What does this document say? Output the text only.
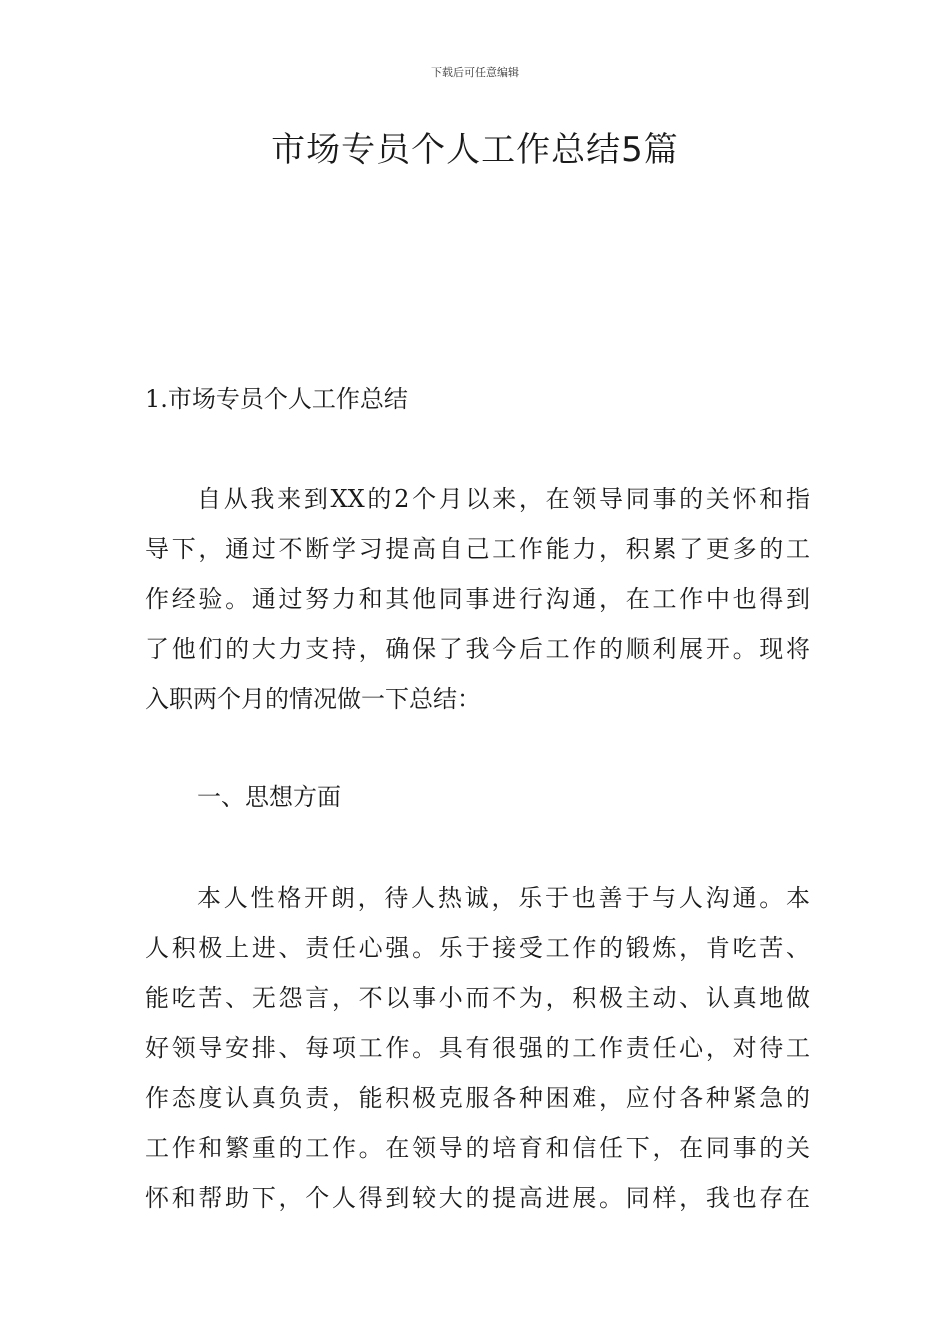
下载后可任意编辑
市场专员个人工作总结5篇
1.市场专员个人工作总结
自从我来到XX的2个月以来，在领导同事的关怀和指
导下，通过不断学习提高自己工作能力，积累了更多的工
作经验。通过努力和其他同事进行沟通，在工作中也得到
了他们的大力支持，确保了我今后工作的顺利展开。现将
入职两个月的情况做一下总结：
一、思想方面
本人性格开朗，待人热诚，乐于也善于与人沟通。本
人积极上进、责任心强。乐于接受工作的锻炼，肯吃苦、
能吃苦、无怨言，不以事小而不为，积极主动、认真地做
好领导安排、每项工作。具有很强的工作责任心，对待工
作态度认真负责，能积极克服各种困难，应付各种紧急的
工作和繁重的工作。在领导的培育和信任下，在同事的关
怀和帮助下，个人得到较大的提高进展。同样，我也存在
